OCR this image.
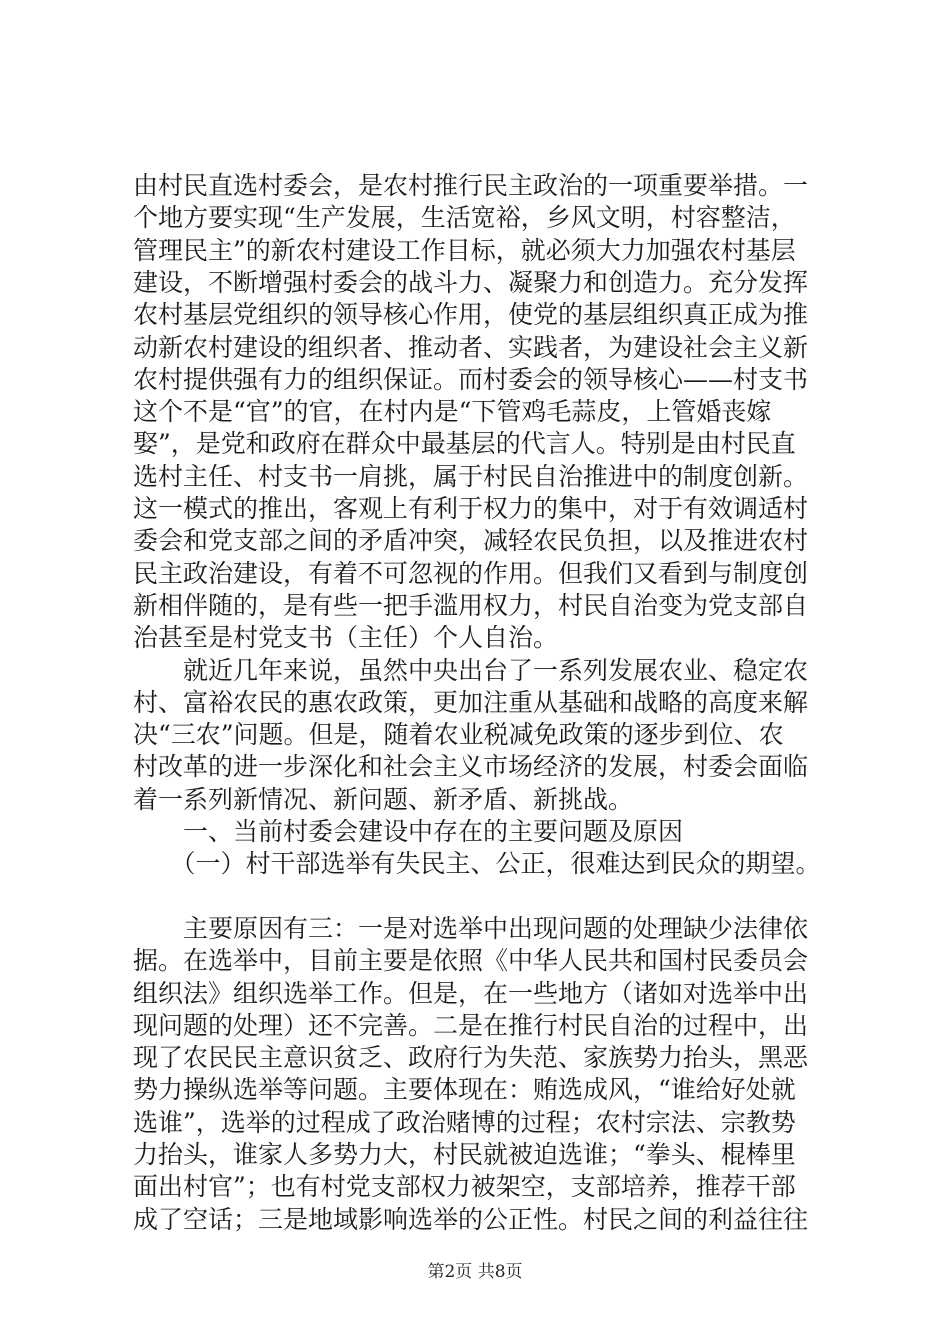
由村民直选村委会，是农村推行民主政治的一项重要举措。一
个地方要实现“生产发展，生活宽裕，乡风文明，村容整洁，
管理民主”的新农村建设工作目标，就必须大力加强农村基层
建设，不断增强村委会的战斗力、凝聚力和创造力。充分发挥
农村基层党组织的领导核心作用，使党的基层组织真正成为推
动新农村建设的组织者、推动者、实践者，为建设社会主义新
农村提供强有力的组织保证。而村委会的领导核心——村支书
这个不是“官”的官，在村内是“下管鸡毛蒜皮，上管婚丧嫁
娶”，是党和政府在群众中最基层的代言人。特别是由村民直
选村主任、村支书一肩挑，属于村民自治推进中的制度创新。
这一模式的推出，客观上有利于权力的集中，对于有效调适村
委会和党支部之间的矛盾冲突，减轻农民负担，以及推进农村
民主政治建设，有着不可忽视的作用。但我们又看到与制度创
新相伴随的，是有些一把手滥用权力，村民自治变为党支部自
治甚至是村党支书（主任）个人自治。
　　就近几年来说，虽然中央出台了一系列发展农业、稳定农
村、富裕农民的惠农政策，更加注重从基础和战略的高度来解
决“三农”问题。但是，随着农业税减免政策的逐步到位、农
村改革的进一步深化和社会主义市场经济的发展，村委会面临
着一系列新情况、新问题、新矛盾、新挑战。
　　一、当前村委会建设中存在的主要问题及原因
　　（一）村干部选举有失民主、公正，很难达到民众的期望。
　　主要原因有三：一是对选举中出现问题的处理缺少法律依
据。在选举中，目前主要是依照《中华人民共和国村民委员会
组织法》组织选举工作。但是，在一些地方（诸如对选举中出
现问题的处理）还不完善。二是在推行村民自治的过程中，出
现了农民民主意识贫乏、政府行为失范、家族势力抬头，黑恶
势力操纵选举等问题。主要体现在：贿选成风，“谁给好处就
选谁”，选举的过程成了政治赌博的过程；农村宗法、宗教势
力抬头，谁家人多势力大，村民就被迫选谁；“拳头、棍棒里
面出村官”；也有村党支部权力被架空，支部培养，推荐干部
成了空话；三是地域影响选举的公正性。村民之间的利益往往
第2页 共8页
